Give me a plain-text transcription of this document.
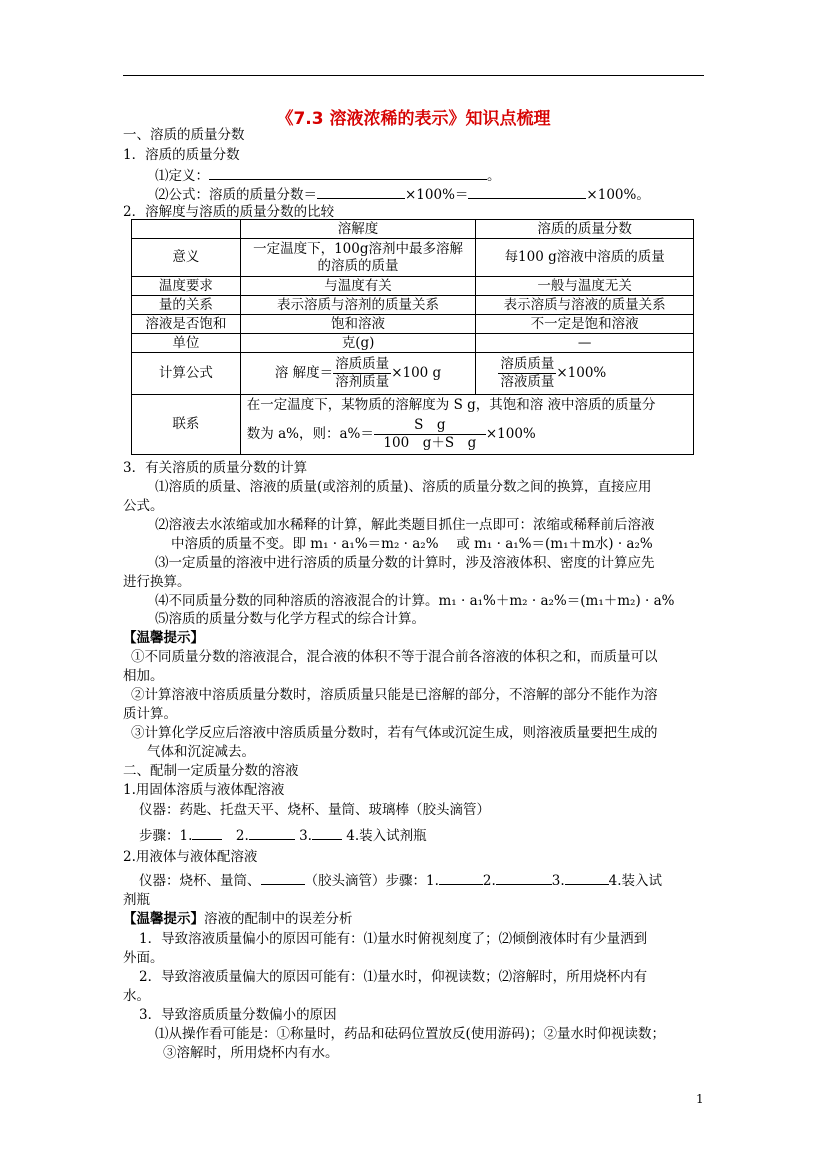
《7.3 溶液浓稀的表示》知识点梳理
一、溶质的质量分数
1．溶质的质量分数
⑴定义：	。
⑵公式：溶质的质量分数＝	×100%＝	×100%。
2．溶解度与溶质的质量分数的比较
	溶解度	溶质的质量分数
意义	一定温度下，100g溶剂中最多溶解
的溶质的质量	每100 g溶液中溶质的质量
温度要求	与温度有关	一般与温度无关
量的关系	表示溶质与溶剂的质量关系	表示溶质与溶液的质量关系
溶液是否饱和	饱和溶液	不一定是饱和溶液
单位	克(g)	—
计算公式	溶 解度＝ $\frac{\text{溶质质量}}{\text{溶剂质量}} \times 100$ g	$\frac{\text{溶质质量}}{\text{溶液质量}} \times 100\%$
联系	在一定温度下，某物质的溶解度为 S g，其饱和溶 液中溶质的质量分
数为 a%，则：$a\%= \frac{\text{S　g}}{\text{100　g＋S　g}} \times 100\%$	
3．有关溶质的质量分数的计算
⑴溶质的质量、溶液的质量(或溶剂的质量)、溶质的质量分数之间的换算，直接应用
公式。
⑵溶液去水浓缩或加水稀释的计算，解此类题目抓住一点即可：浓缩或稀释前后溶液
中溶质的质量不变。即 m₁ · a₁%＝m₂ · a₂%　 或 m₁ · a₁%＝(m₁＋m水) · a₂%
⑶一定质量的溶液中进行溶质的质量分数的计算时，涉及溶液体积、密度的计算应先
进行换算。
⑷不同质量分数的同种溶质的溶液混合的计算。m₁ · a₁%＋m₂ · a₂%＝(m₁＋m₂) · a%
⑸溶质的质量分数与化学方程式的综合计算。
【温馨提示】
①不同质量分数的溶液混合，混合液的体积不等于混合前各溶液的体积之和，而质量可以
相加。
②计算溶液中溶质质量分数时，溶质质量只能是已溶解的部分，不溶解的部分不能作为溶
质计算。
③计算化学反应后溶液中溶质质量分数时，若有气体或沉淀生成，则溶液质量要把生成的
气体和沉淀减去。
二、配制一定质量分数的溶液
1.用固体溶质与液体配溶液
仪器：药匙、托盘天平、烧杯、量筒、玻璃棒（胶头滴管）
步骤：1.　	2.	3.	4.装入试剂瓶
2.用液体与液体配溶液
仪器：烧杯、量筒、	（胶头滴管）步骤：1.	2.	3.	4.装入试
剂瓶
【温馨提示】溶液的配制中的误差分析
1．导致溶液质量偏小的原因可能有：⑴量水时俯视刻度了；⑵倾倒液体时有少量洒到
外面。
2．导致溶液质量偏大的原因可能有：⑴量水时，仰视读数；⑵溶解时，所用烧杯内有
水。
3．导致溶质质量分数偏小的原因
⑴从操作看可能是：①称量时，药品和砝码位置放反(使用游码)；②量水时仰视读数；
③溶解时，所用烧杯内有水。
1
